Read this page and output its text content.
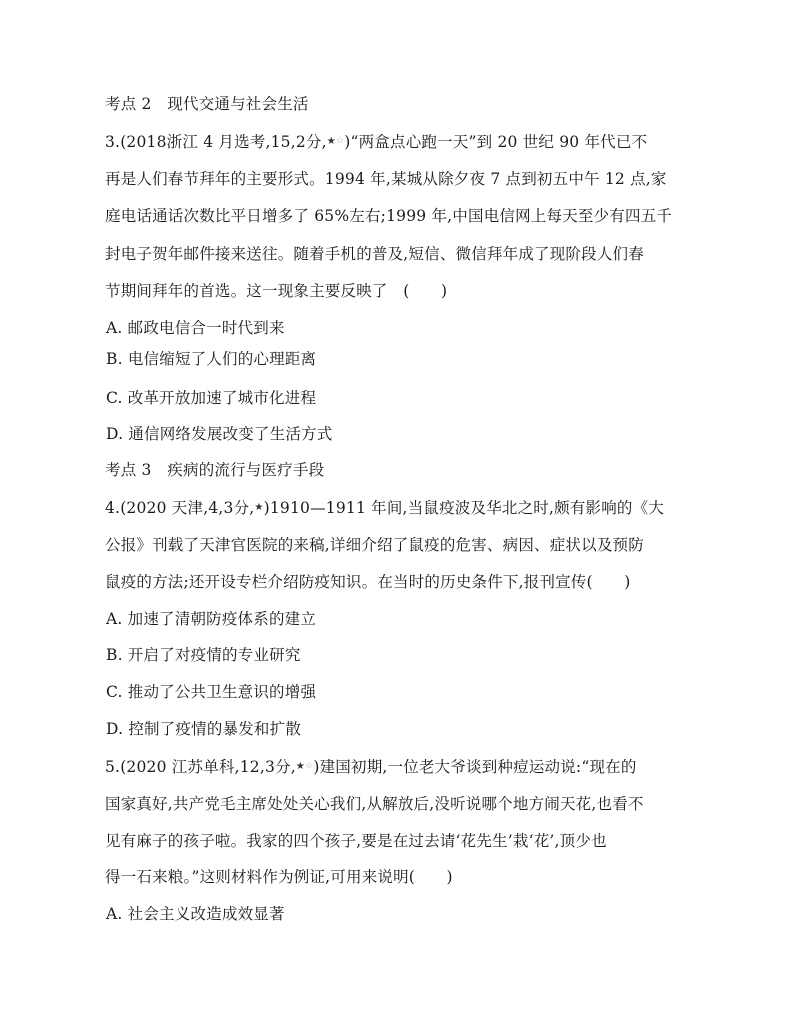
考点 2　现代交通与社会生活
3.(2018浙江 4 月选考,15,2分,★☆)“两盒点心跑一天”到 20 世纪 90 年代已不
再是人们春节拜年的主要形式。1994 年,某城从除夕夜 7 点到初五中午 12 点,家
庭电话通话次数比平日增多了 65%左右;1999 年,中国电信网上每天至少有四五千
封电子贺年邮件接来送往。随着手机的普及,短信、微信拜年成了现阶段人们春
节期间拜年的首选。这一现象主要反映了　(　　)
A. 邮政电信合一时代到来
B. 电信缩短了人们的心理距离
C. 改革开放加速了城市化进程
D. 通信网络发展改变了生活方式
考点 3　疾病的流行与医疗手段
4.(2020 天津,4,3分,★)1910—1911 年间,当鼠疫波及华北之时,颇有影响的《大
公报》刊载了天津官医院的来稿,详细介绍了鼠疫的危害、病因、症状以及预防
鼠疫的方法;还开设专栏介绍防疫知识。在当时的历史条件下,报刊宣传(　　)
A. 加速了清朝防疫体系的建立
B. 开启了对疫情的专业研究
C. 推动了公共卫生意识的增强
D. 控制了疫情的暴发和扩散
5.(2020 江苏单科,12,3分,★☆)建国初期,一位老大爷谈到种痘运动说:“现在的
国家真好,共产党毛主席处处关心我们,从解放后,没听说哪个地方闹天花,也看不
见有麻子的孩子啦。我家的四个孩子,要是在过去请‘花先生’栽‘花’,顶少也
得一石来粮。”这则材料作为例证,可用来说明(　　)
A. 社会主义改造成效显著
